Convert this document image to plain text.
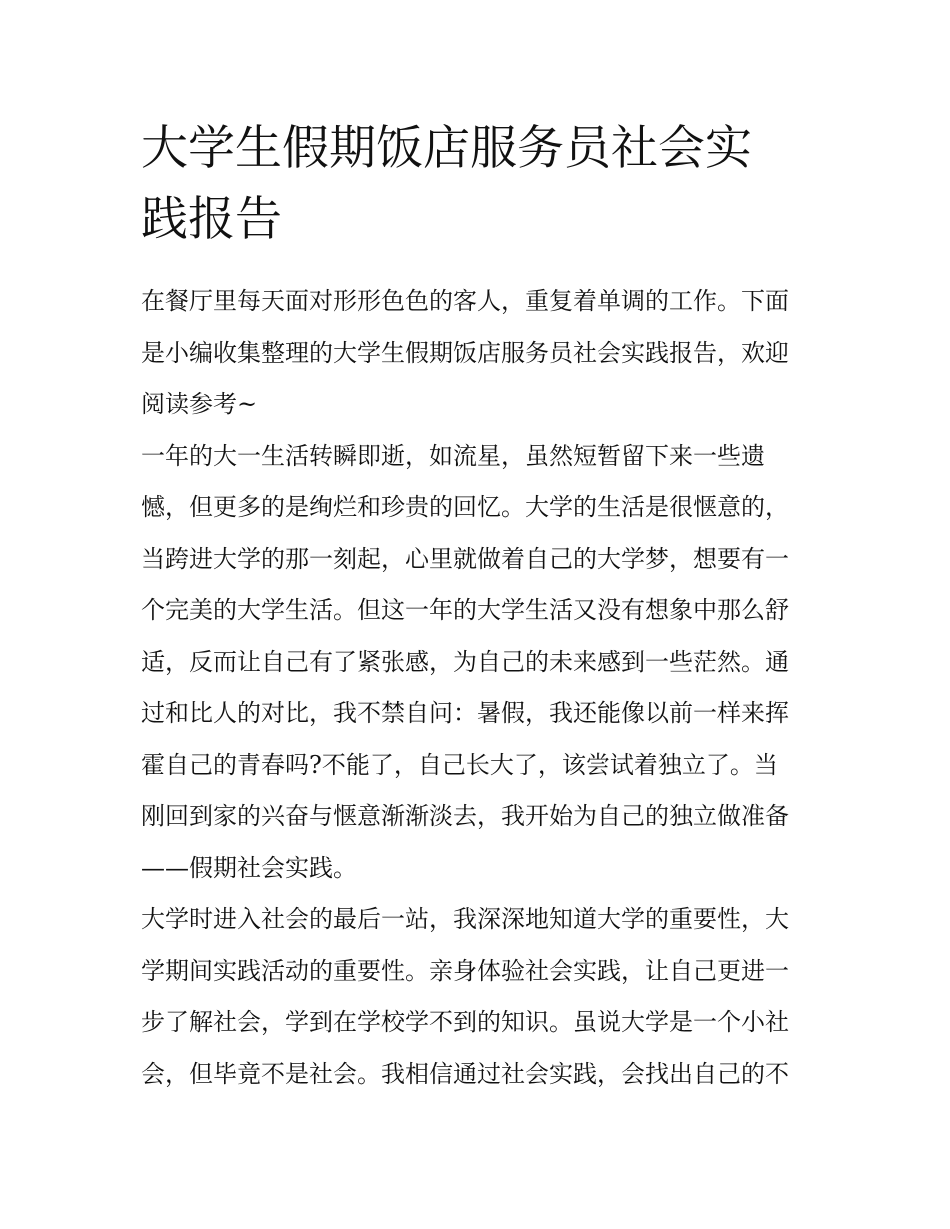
大学生假期饭店服务员社会实
践报告

在餐厅里每天面对形形色色的客人，重复着单调的工作。下面
是小编收集整理的大学生假期饭店服务员社会实践报告，欢迎
阅读参考~

一年的大一生活转瞬即逝，如流星，虽然短暂留下来一些遗
憾，但更多的是绚烂和珍贵的回忆。大学的生活是很惬意的，
当跨进大学的那一刻起，心里就做着自己的大学梦，想要有一
个完美的大学生活。但这一年的大学生活又没有想象中那么舒
适，反而让自己有了紧张感，为自己的未来感到一些茫然。通
过和比人的对比，我不禁自问：暑假，我还能像以前一样来挥
霍自己的青春吗?不能了，自己长大了，该尝试着独立了。当
刚回到家的兴奋与惬意渐渐淡去，我开始为自己的独立做准备
——假期社会实践。

大学时进入社会的最后一站，我深深地知道大学的重要性，大
学期间实践活动的重要性。亲身体验社会实践，让自己更进一
步了解社会，学到在学校学不到的知识。虽说大学是一个小社
会，但毕竟不是社会。我相信通过社会实践，会找出自己的不
